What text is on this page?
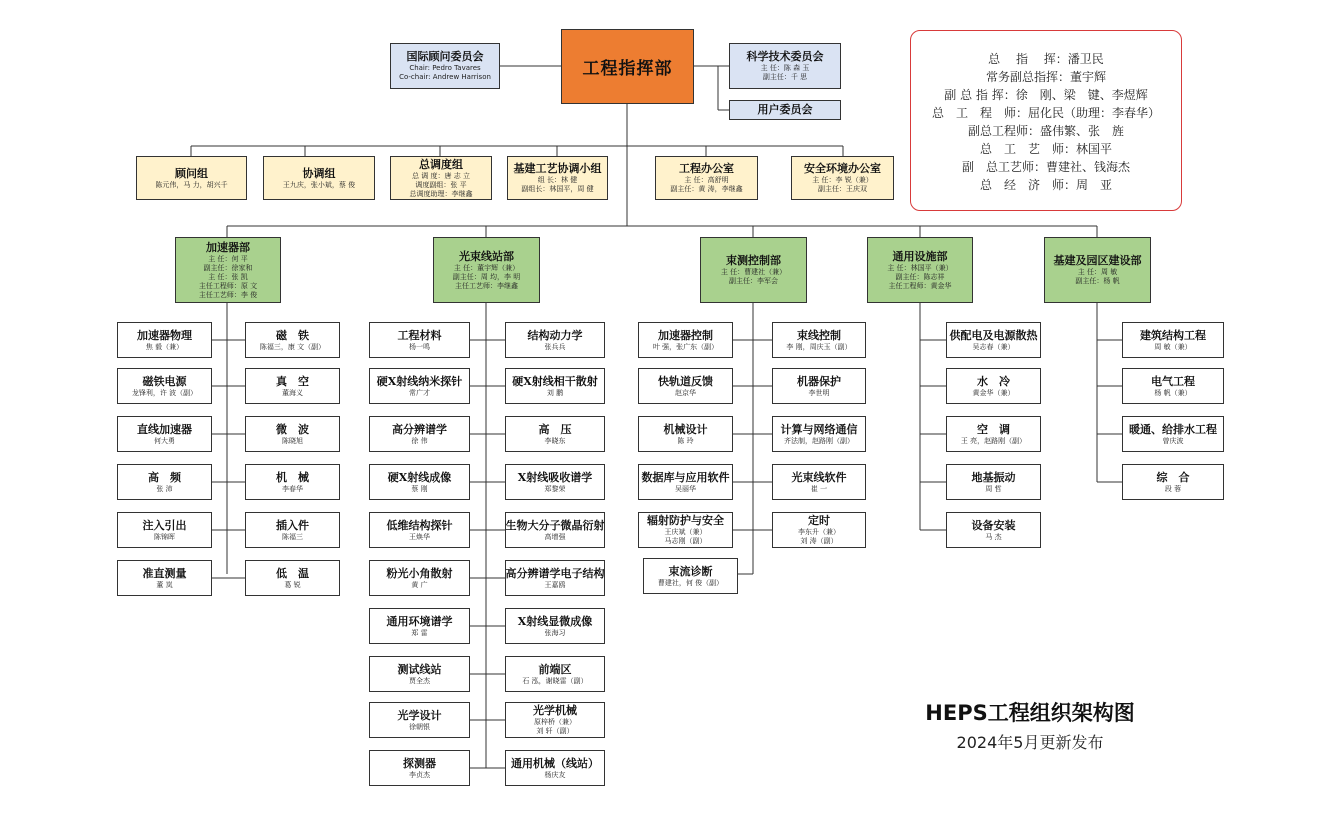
国际顾问委员会
Chair: Pedro Tavares
Co-chair: Andrew Harrison	工程指挥部
科学技术委员会
主 任：陈 森 玉
副主任：千 思
用户委员会
总　 指　 挥：潘卫民
常务副总指挥：董宇辉
副 总 指 挥：徐　刚、梁　键、李煜辉
总　工　程　师：屈化民（助理：李春华）
副总工程师：盛伟繁、张　旌
总　工　艺　师：林国平
副　总工艺师：曹建社、钱海杰
总　经　济　师：周　亚
顾问组
陈元伟，马 力，胡兴千
协调组
王九庆，张小斌，蔡 俊
总调度组
总 调 度：唐 志 立
调度副组：张 平
总调度助理：李继鑫
基建工艺协调小组
组 长：林 健
副组长：林国平，周 健
工程办公室
主 任：高舒明
副主任：黄 涛，李继鑫
安全环境办公室
主 任：李 锐（兼）
副主任：王庆双
加速器部
主 任：何 平
副主任：徐家和
主 任：张 凯
主任工程师：原 文
主任工艺师：李 俊
光束线站部
主 任：董宇辉（兼）
副主任：周 均，李 明
主任工艺师：李继鑫
束测控制部
主 任：曹建社（兼）
副主任：李军会
通用设施部
主 任：林国平（兼）
副主任：陈志祥
主任工程师：黄金华
基建及园区建设部
主 任：周 敏
副主任：杨 帆
加速器物理
焦 毅（兼）
磁铁电源
龙锋利，许 波（副）
直线加速器
何大勇
高　频
张 沛
注入引出
陈锦晖
准直测量
董 岚
磁　铁
陈福三，康 文（副）
真　空
董海义
微　波
陈晓旭
机　械
李春华
插入件
陈福三
低　温
葛 锐
工程材料
杨一鸣
硬X射线纳米探针
常广才
高分辨谱学
徐 伟
硬X射线成像
蔡 刚
低维结构探针
王焕华
粉光小角散射
黄 广
通用环境谱学
郑 雷
测试线站
贾全杰
光学设计
徐朝银
探测器
李贞杰
结构动力学
张兵兵
硬X射线相干散射
刘 鹏
高　压
李晓东
X射线吸收谱学
郑黎荣
生物大分子微晶衍射
高增强
高分辨谱学电子结构
王嘉鸥
X射线显微成像
张海习
前端区
石 泓，谢晓雷（副）
光学机械
原梓桥（兼）
刘 轩（副）
通用机械（线站）
杨庆友
加速器控制
叶 强，张广东（副）
快轨道反馈
赵京华
机械设计
陈 玲
数据库与应用软件
吴丽华
辐射防护与安全
王庆斌（兼）
马志刚（副）
束流诊断
曹建社，何 俊（副）
束线控制
李 刚，周庆玉（副）
机器保护
李世明
计算与网络通信
齐法制，赵路刚（副）
光束线软件
崔 一
定时
李东升（兼）
刘 涛（副）
供配电及电源散热
吴志春（兼）
水　冷
黄金华（兼）
空　调
王 亮，赵路刚（副）
地基振动
周 哲
设备安装
马 杰
建筑结构工程
周 敏（兼）
电气工程
杨 帆（兼）
暖通、给排水工程
曾庆波
综　合
段 蓉
HEPS工程组织架构图
2024年5月更新发布
